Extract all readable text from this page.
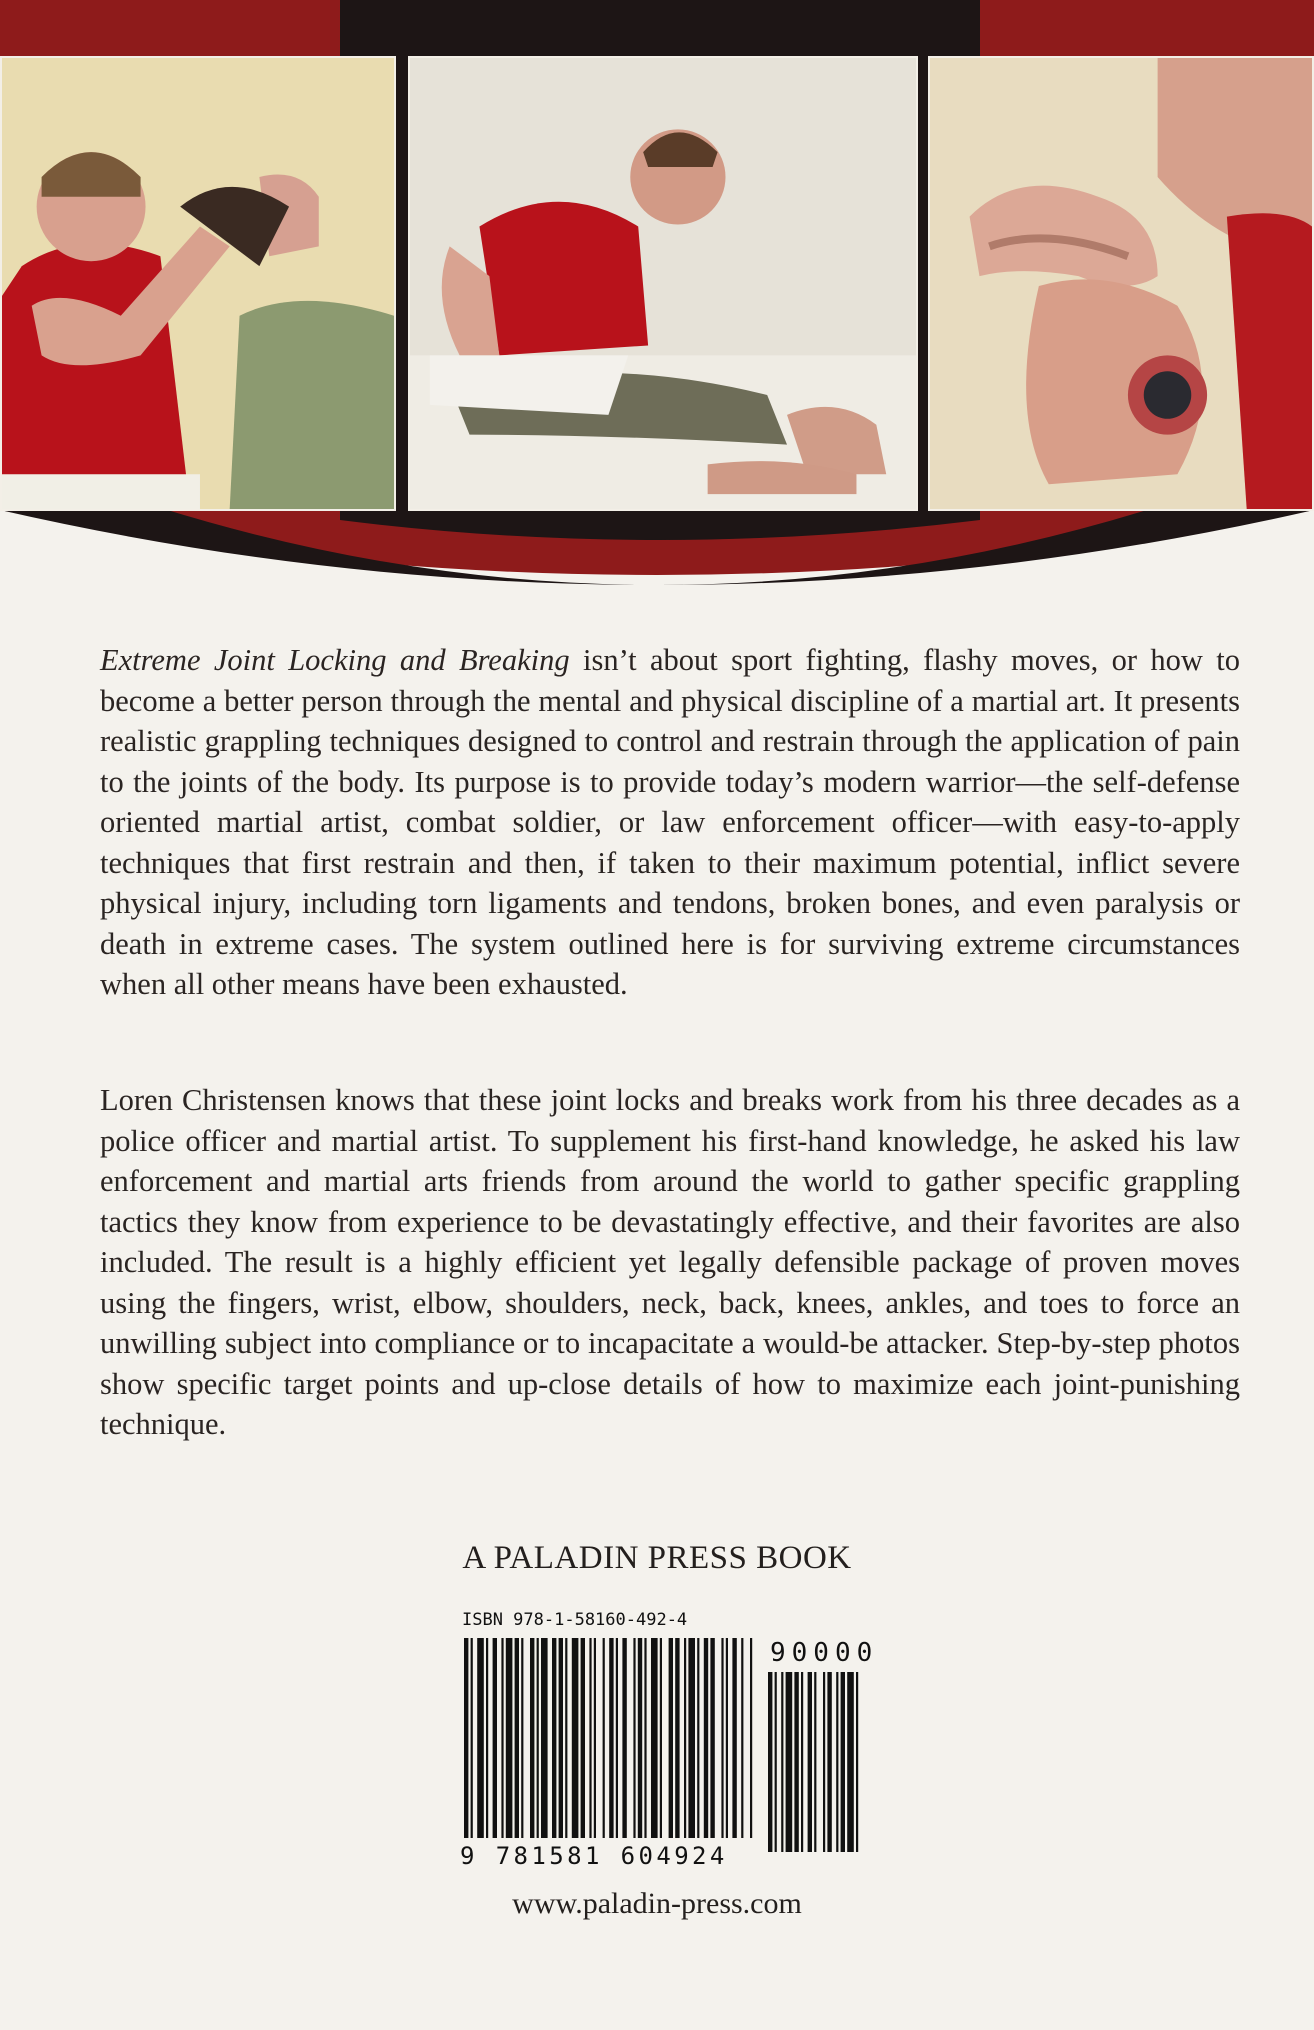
Extreme Joint Locking and Breaking isn’t about sport fighting, flashy moves, or how to become a better person through the mental and physical discipline of a martial art. It presents realistic grappling techniques designed to control and restrain through the application of pain to the joints of the body. Its purpose is to provide today’s modern warrior—the self-defense oriented martial artist, combat soldier, or law enforcement officer—with easy-to-apply techniques that first restrain and then, if taken to their maximum potential, inflict severe physical injury, including torn ligaments and tendons, broken bones, and even paralysis or death in extreme cases. The system outlined here is for surviving extreme circumstances when all other means have been exhausted.

Loren Christensen knows that these joint locks and breaks work from his three decades as a police officer and martial artist. To supplement his first-hand knowledge, he asked his law enforcement and martial arts friends from around the world to gather specific grappling tactics they know from experience to be devastatingly effective, and their favorites are also included. The result is a highly efficient yet legally defensible package of proven moves using the fingers, wrist, elbow, shoulders, neck, back, knees, ankles, and toes to force an unwilling subject into compliance or to incapacitate a would-be attacker. Step-by-step photos show specific target points and up-close details of how to maximize each joint-punishing technique.

A PALADIN PRESS BOOK
ISBN 978-1-58160-492-4
90000
9 781581 604924
www.paladin-press.com
